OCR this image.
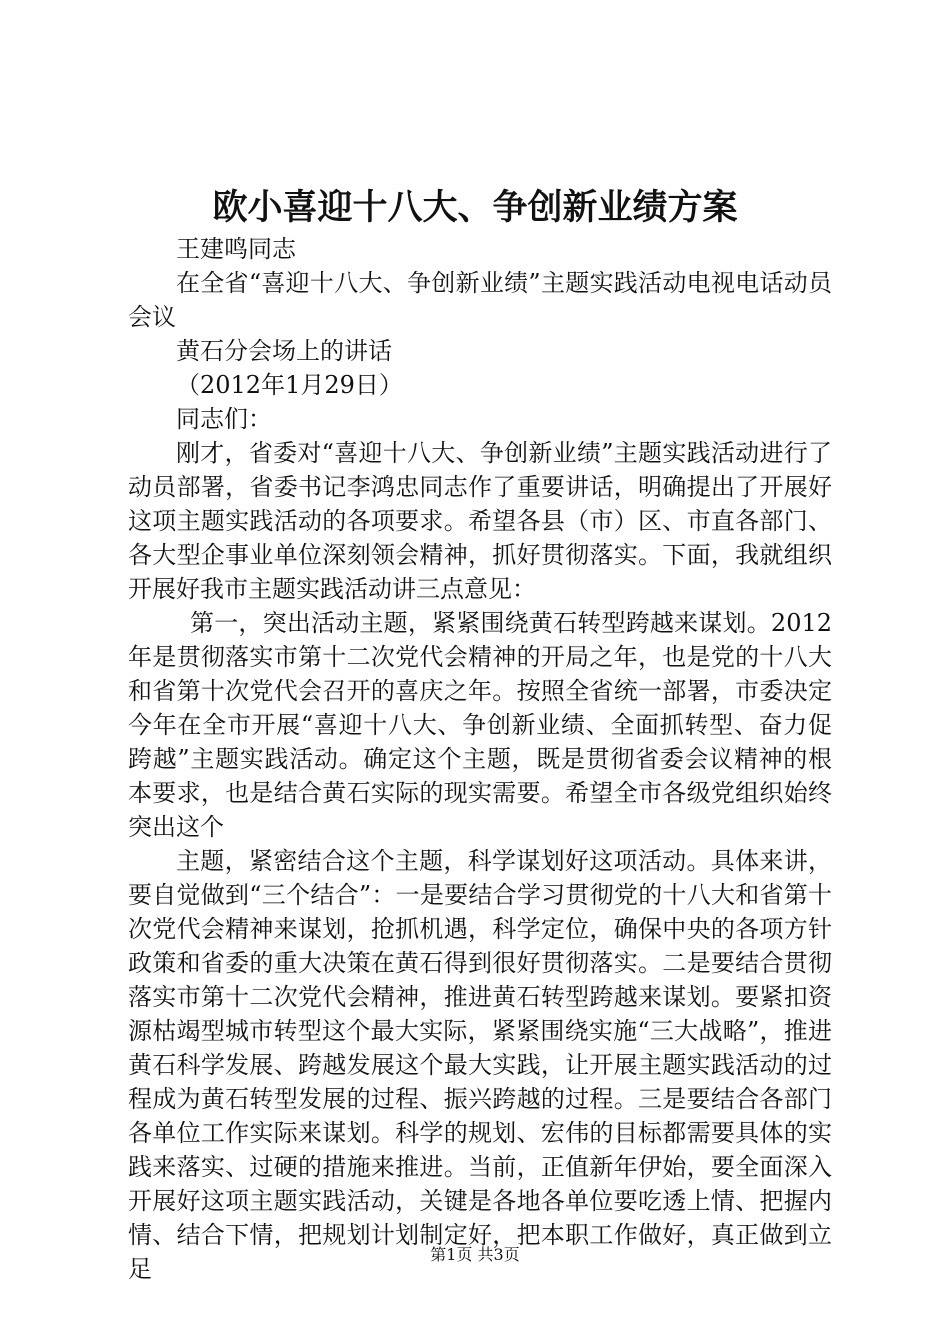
欧小喜迎十八大、争创新业绩方案

王建鸣同志

在全省“喜迎十八大、争创新业绩”主题实践活动电视电话动员会议

黄石分会场上的讲话

（2012年1月29日）

同志们：

刚才，省委对“喜迎十八大、争创新业绩”主题实践活动进行了动员部署，省委书记李鸿忠同志作了重要讲话，明确提出了开展好这项主题实践活动的各项要求。希望各县（市）区、市直各部门、各大型企事业单位深刻领会精神，抓好贯彻落实。下面，我就组织开展好我市主题实践活动讲三点意见：

第一，突出活动主题，紧紧围绕黄石转型跨越来谋划。2012年是贯彻落实市第十二次党代会精神的开局之年，也是党的十八大和省第十次党代会召开的喜庆之年。按照全省统一部署，市委决定今年在全市开展“喜迎十八大、争创新业绩、全面抓转型、奋力促跨越”主题实践活动。确定这个主题，既是贯彻省委会议精神的根本要求，也是结合黄石实际的现实需要。希望全市各级党组织始终突出这个

主题，紧密结合这个主题，科学谋划好这项活动。具体来讲，要自觉做到“三个结合”：一是要结合学习贯彻党的十八大和省第十次党代会精神来谋划，抢抓机遇，科学定位，确保中央的各项方针政策和省委的重大决策在黄石得到很好贯彻落实。二是要结合贯彻落实市第十二次党代会精神，推进黄石转型跨越来谋划。要紧扣资源枯竭型城市转型这个最大实际，紧紧围绕实施“三大战略”，推进黄石科学发展、跨越发展这个最大实践，让开展主题实践活动的过程成为黄石转型发展的过程、振兴跨越的过程。三是要结合各部门各单位工作实际来谋划。科学的规划、宏伟的目标都需要具体的实践来落实、过硬的措施来推进。当前，正值新年伊始，要全面深入开展好这项主题实践活动，关键是各地各单位要吃透上情、把握内情、结合下情，把规划计划制定好，把本职工作做好，真正做到立足

第1页 共3页
